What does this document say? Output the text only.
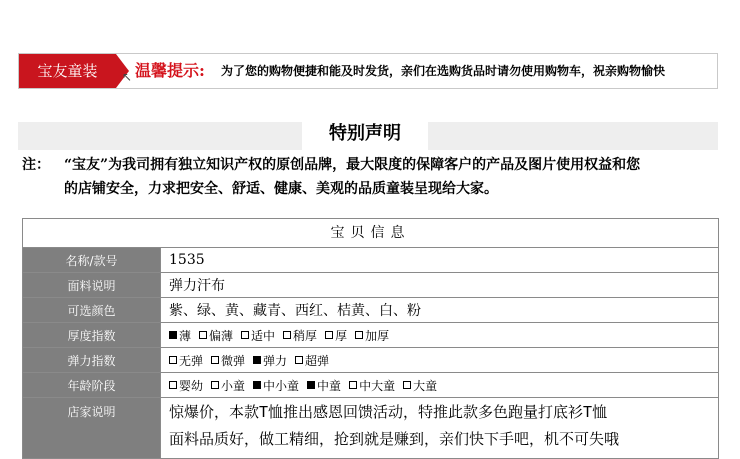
宝友童装	↖ 温馨提示: 为了您的购物便捷和能及时发货，亲们在选购货品时请勿使用购物车，祝亲购物愉快
特别声明
注： “宝友”为我司拥有独立知识产权的原创品牌，最大限度的保障客户的产品及图片使用权益和您
的店铺安全，力求把安全、舒适、健康、美观的品质童装呈现给大家。
宝贝信息
名称/款号	1535
面料说明	弹力汗布
可选颜色	紫、绿、黄、藏青、西红、桔黄、白、粉
厚度指数	薄 偏薄 适中 稍厚 厚 加厚
弹力指数	无弹 微弹 弹力 超弹
年龄阶段	婴幼 小童 中小童 中童 中大童 大童
店家说明	惊爆价，本款T恤推出感恩回馈活动，特推此款多色跑量打底衫T恤
面料品质好，做工精细，抢到就是赚到，亲们快下手吧，机不可失哦
